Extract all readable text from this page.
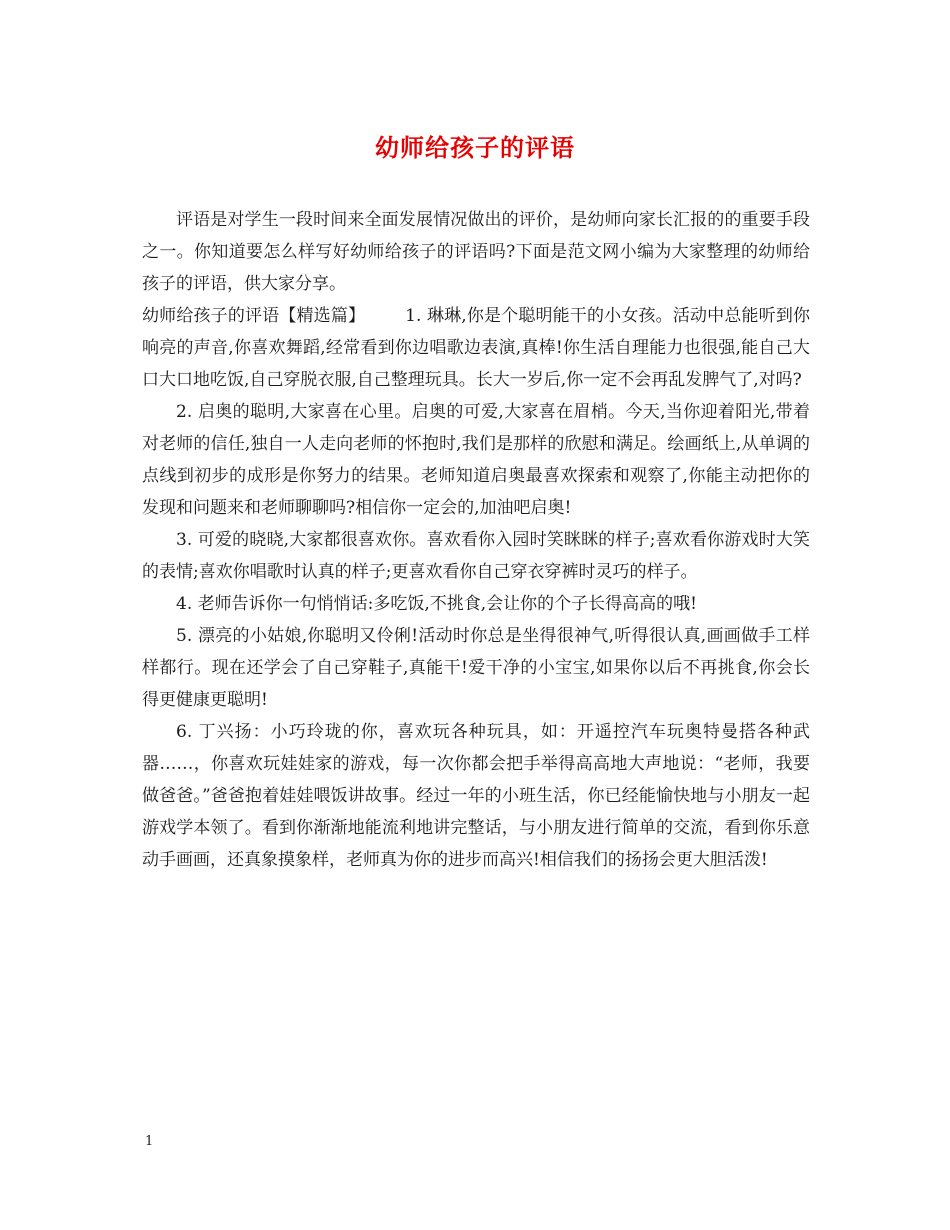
幼师给孩子的评语

评语是对学生一段时间来全面发展情况做出的评价，是幼师向家长汇报的的重要手段之一。你知道要怎么样写好幼师给孩子的评语吗?下面是范文网小编为大家整理的幼师给孩子的评语，供大家分享。

幼师给孩子的评语【精选篇】 1. 琳琳,你是个聪明能干的小女孩。活动中总能听到你响亮的声音,你喜欢舞蹈,经常看到你边唱歌边表演,真棒!你生活自理能力也很强,能自己大口大口地吃饭,自己穿脱衣服,自己整理玩具。长大一岁后,你一定不会再乱发脾气了,对吗?

2. 启奥的聪明,大家喜在心里。启奥的可爱,大家喜在眉梢。今天,当你迎着阳光,带着对老师的信任,独自一人走向老师的怀抱时,我们是那样的欣慰和满足。绘画纸上,从单调的点线到初步的成形是你努力的结果。老师知道启奥最喜欢探索和观察了,你能主动把你的发现和问题来和老师聊聊吗?相信你一定会的,加油吧启奥!

3. 可爱的晓晓,大家都很喜欢你。喜欢看你入园时笑眯眯的样子;喜欢看你游戏时大笑的表情;喜欢你唱歌时认真的样子;更喜欢看你自己穿衣穿裤时灵巧的样子。

4. 老师告诉你一句悄悄话:多吃饭,不挑食,会让你的个子长得高高的哦!

5. 漂亮的小姑娘,你聪明又伶俐!活动时你总是坐得很神气,听得很认真,画画做手工样样都行。现在还学会了自己穿鞋子,真能干!爱干净的小宝宝,如果你以后不再挑食,你会长得更健康更聪明!

6. 丁兴扬：小巧玲珑的你，喜欢玩各种玩具，如：开遥控汽车玩奥特曼搭各种武器……，你喜欢玩娃娃家的游戏，每一次你都会把手举得高高地大声地说：“老师，我要做爸爸。”爸爸抱着娃娃喂饭讲故事。经过一年的小班生活，你已经能愉快地与小朋友一起游戏学本领了。看到你渐渐地能流利地讲完整话，与小朋友进行简单的交流，看到你乐意动手画画，还真象摸象样，老师真为你的进步而高兴!相信我们的扬扬会更大胆活泼!

1
